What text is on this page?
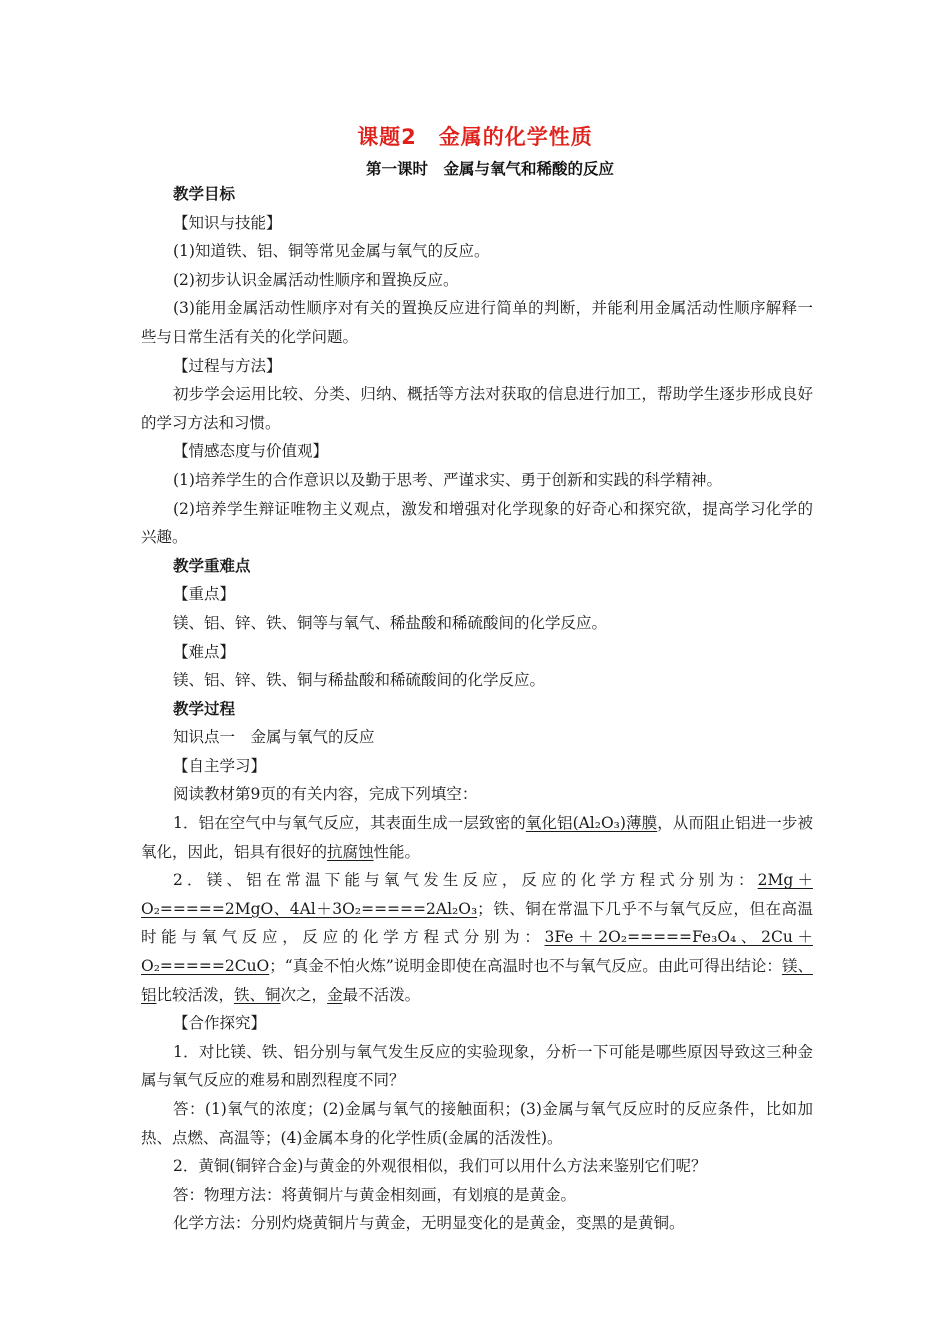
课题2　金属的化学性质
第一课时　金属与氧气和稀酸的反应

教学目标

【知识与技能】

(1)知道铁、铝、铜等常见金属与氧气的反应。

(2)初步认识金属活动性顺序和置换反应。

(3)能用金属活动性顺序对有关的置换反应进行简单的判断，并能利用金属活动性顺序解释一些与日常生活有关的化学问题。

【过程与方法】

初步学会运用比较、分类、归纳、概括等方法对获取的信息进行加工，帮助学生逐步形成良好的学习方法和习惯。

【情感态度与价值观】

(1)培养学生的合作意识以及勤于思考、严谨求实、勇于创新和实践的科学精神。

(2)培养学生辩证唯物主义观点，激发和增强对化学现象的好奇心和探究欲，提高学习化学的兴趣。

教学重难点

【重点】

镁、铝、锌、铁、铜等与氧气、稀盐酸和稀硫酸间的化学反应。

【难点】

镁、铝、锌、铁、铜与稀盐酸和稀硫酸间的化学反应。

教学过程

知识点一　金属与氧气的反应

【自主学习】

阅读教材第9页的有关内容，完成下列填空：

1．铝在空气中与氧气反应，其表面生成一层致密的氧化铝(Al₂O₃)薄膜，从而阻止铝进一步被氧化，因此，铝具有很好的抗腐蚀性能。

2．镁、铝在常温下能与氧气发生反应，反应的化学方程式分别为：2Mg＋O₂=====2MgO、4Al＋3O₂=====2Al₂O₃；铁、铜在常温下几乎不与氧气反应，但在高温时能与氧气反应，反应的化学方程式分别为：3Fe＋2O₂=====Fe₃O₄、2Cu＋O₂=====2CuO；“真金不怕火炼”说明金即使在高温时也不与氧气反应。由此可得出结论：镁、铝比较活泼，铁、铜次之，金最不活泼。

【合作探究】

1．对比镁、铁、铝分别与氧气发生反应的实验现象，分析一下可能是哪些原因导致这三种金属与氧气反应的难易和剧烈程度不同？

答：(1)氧气的浓度；(2)金属与氧气的接触面积；(3)金属与氧气反应时的反应条件，比如加热、点燃、高温等；(4)金属本身的化学性质(金属的活泼性)。

2．黄铜(铜锌合金)与黄金的外观很相似，我们可以用什么方法来鉴别它们呢？

答：物理方法：将黄铜片与黄金相刻画，有划痕的是黄金。

化学方法：分别灼烧黄铜片与黄金，无明显变化的是黄金，变黑的是黄铜。
